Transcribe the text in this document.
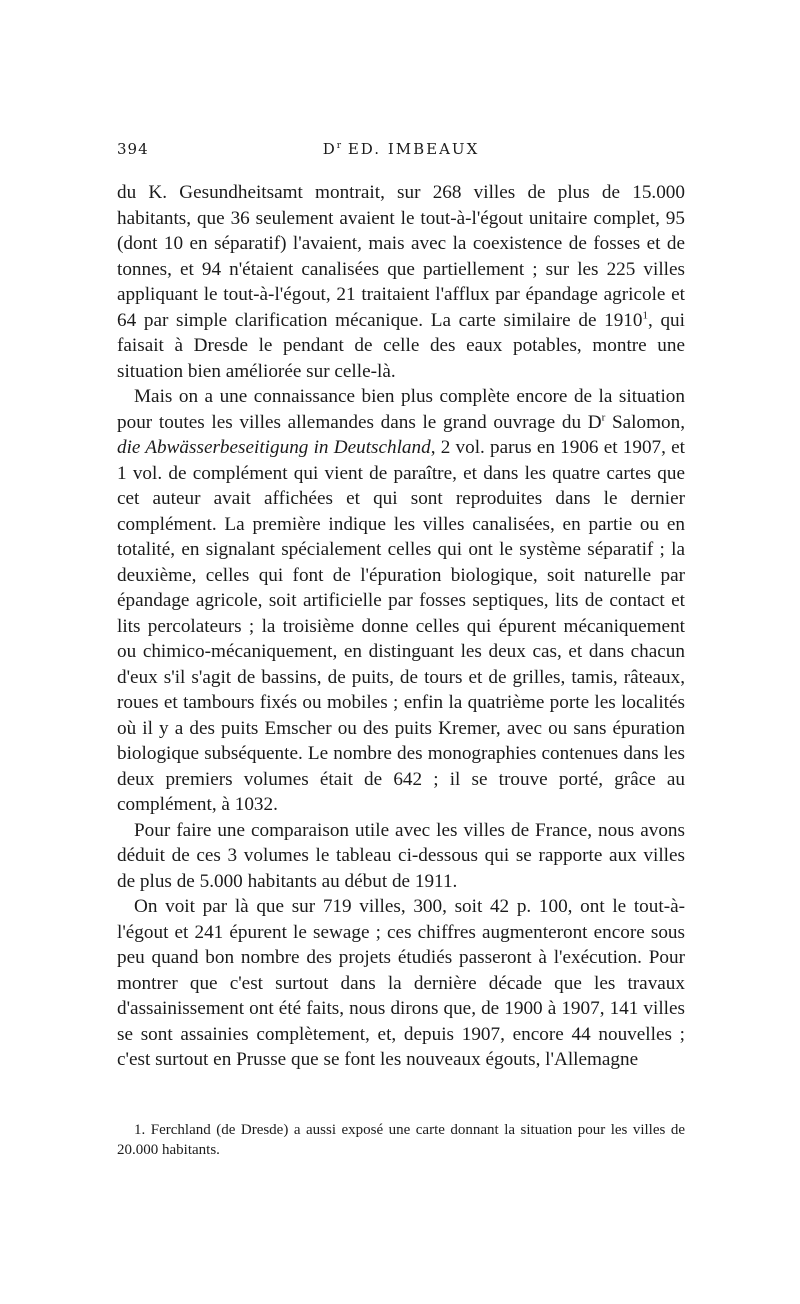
394	$D^r$ ED. IMBEAUX

du K. Gesundheitsamt montrait, sur 268 villes de plus de 15.000 habitants, que 36 seulement avaient le tout-à-l'égout unitaire complet, 95 (dont 10 en séparatif) l'avaient, mais avec la coexistence de fosses et de tonnes, et 94 n'étaient canalisées que partiellement ; sur les 225 villes appliquant le tout-à-l'égout, 21 traitaient l'afflux par épandage agricole et 64 par simple clarification mécanique. La carte similaire de 1910$^1$, qui faisait à Dresde le pendant de celle des eaux potables, montre une situation bien améliorée sur celle-là.

Mais on a une connaissance bien plus complète encore de la situation pour toutes les villes allemandes dans le grand ouvrage du $D^r$ Salomon, die Abwässerbeseitigung in Deutschland, 2 vol. parus en 1906 et 1907, et 1 vol. de complément qui vient de paraître, et dans les quatre cartes que cet auteur avait affichées et qui sont reproduites dans le dernier complément. La première indique les villes canalisées, en partie ou en totalité, en signalant spécialement celles qui ont le système séparatif ; la deuxième, celles qui font de l'épuration biologique, soit naturelle par épandage agricole, soit artificielle par fosses septiques, lits de contact et lits percolateurs ; la troisième donne celles qui épurent mécaniquement ou chimico-mécaniquement, en distinguant les deux cas, et dans chacun d'eux s'il s'agit de bassins, de puits, de tours et de grilles, tamis, râteaux, roues et tambours fixés ou mobiles ; enfin la quatrième porte les localités où il y a des puits Emscher ou des puits Kremer, avec ou sans épuration biologique subséquente. Le nombre des monographies contenues dans les deux premiers volumes était de 642 ; il se trouve porté, grâce au complément, à 1032.

Pour faire une comparaison utile avec les villes de France, nous avons déduit de ces 3 volumes le tableau ci-dessous qui se rapporte aux villes de plus de 5.000 habitants au début de 1911.

On voit par là que sur 719 villes, 300, soit 42 p. 100, ont le tout-à-l'égout et 241 épurent le sewage ; ces chiffres augmenteront encore sous peu quand bon nombre des projets étudiés passeront à l'exécution. Pour montrer que c'est surtout dans la dernière décade que les travaux d'assainissement ont été faits, nous dirons que, de 1900 à 1907, 141 villes se sont assainies complètement, et, depuis 1907, encore 44 nouvelles ; c'est surtout en Prusse que se font les nouveaux égouts, l'Allemagne

1. Ferchland (de Dresde) a aussi exposé une carte donnant la situation pour les villes de 20.000 habitants.
